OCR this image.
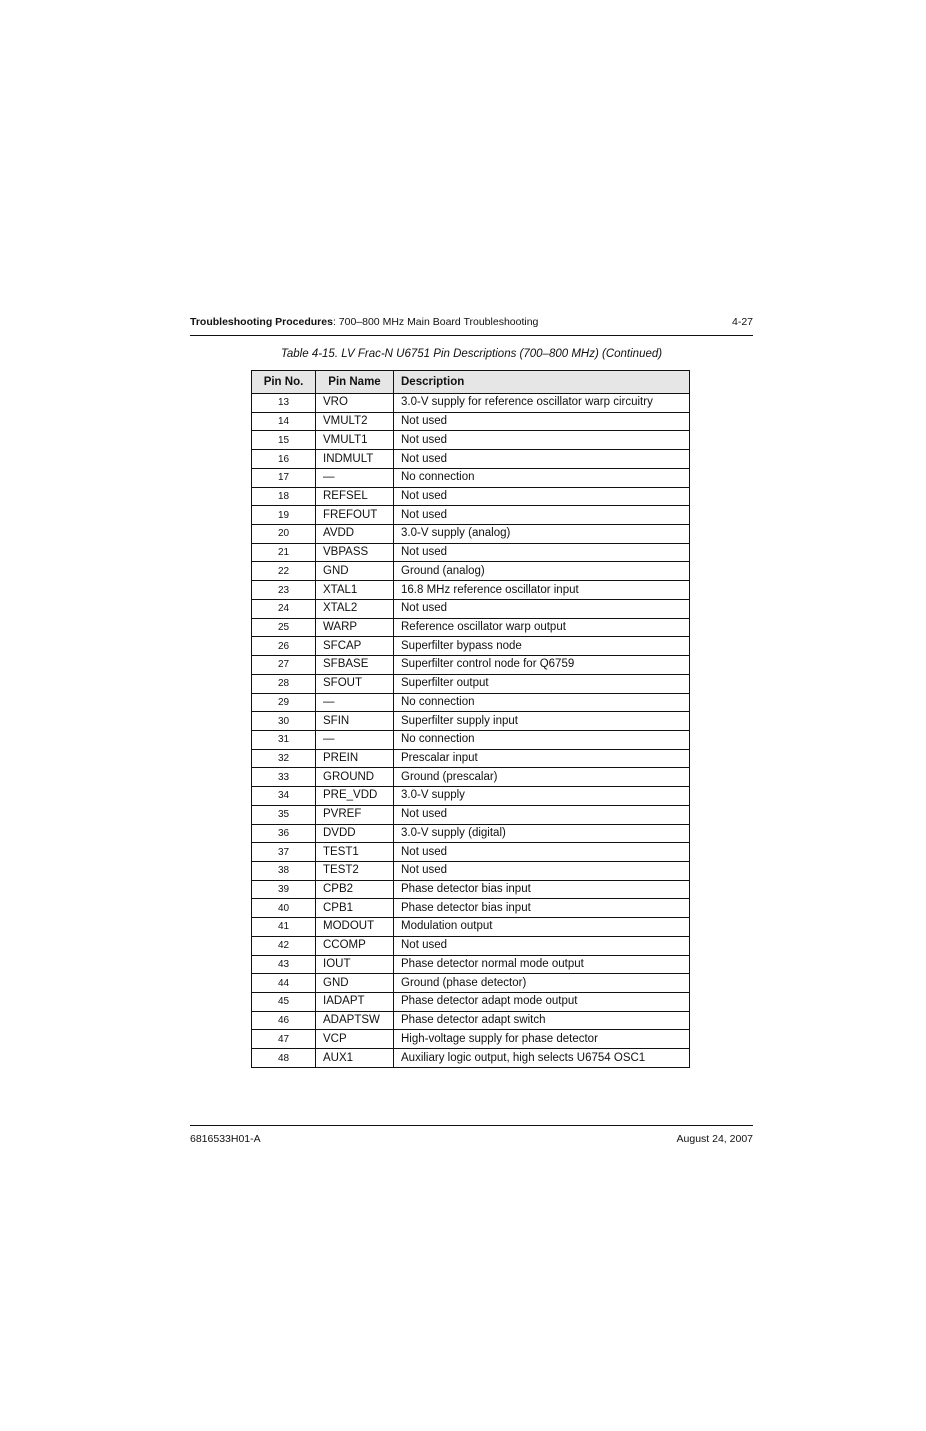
Troubleshooting Procedures: 700–800 MHz Main Board Troubleshooting	4-27
Table 4-15. LV Frac-N U6751 Pin Descriptions (700–800 MHz) (Continued)
Pin No.	Pin Name	Description
13	VRO	3.0-V supply for reference oscillator warp circuitry
14	VMULT2	Not used
15	VMULT1	Not used
16	INDMULT	Not used
17	—	No connection
18	REFSEL	Not used
19	FREFOUT	Not used
20	AVDD	3.0-V supply (analog)
21	VBPASS	Not used
22	GND	Ground (analog)
23	XTAL1	16.8 MHz reference oscillator input
24	XTAL2	Not used
25	WARP	Reference oscillator warp output
26	SFCAP	Superfilter bypass node
27	SFBASE	Superfilter control node for Q6759
28	SFOUT	Superfilter output
29	—	No connection
30	SFIN	Superfilter supply input
31	—	No connection
32	PREIN	Prescalar input
33	GROUND	Ground (prescalar)
34	PRE_VDD	3.0-V supply
35	PVREF	Not used
36	DVDD	3.0-V supply (digital)
37	TEST1	Not used
38	TEST2	Not used
39	CPB2	Phase detector bias input
40	CPB1	Phase detector bias input
41	MODOUT	Modulation output
42	CCOMP	Not used
43	IOUT	Phase detector normal mode output
44	GND	Ground (phase detector)
45	IADAPT	Phase detector adapt mode output
46	ADAPTSW	Phase detector adapt switch
47	VCP	High-voltage supply for phase detector
48	AUX1	Auxiliary logic output, high selects U6754 OSC1
6816533H01-A	August 24, 2007
